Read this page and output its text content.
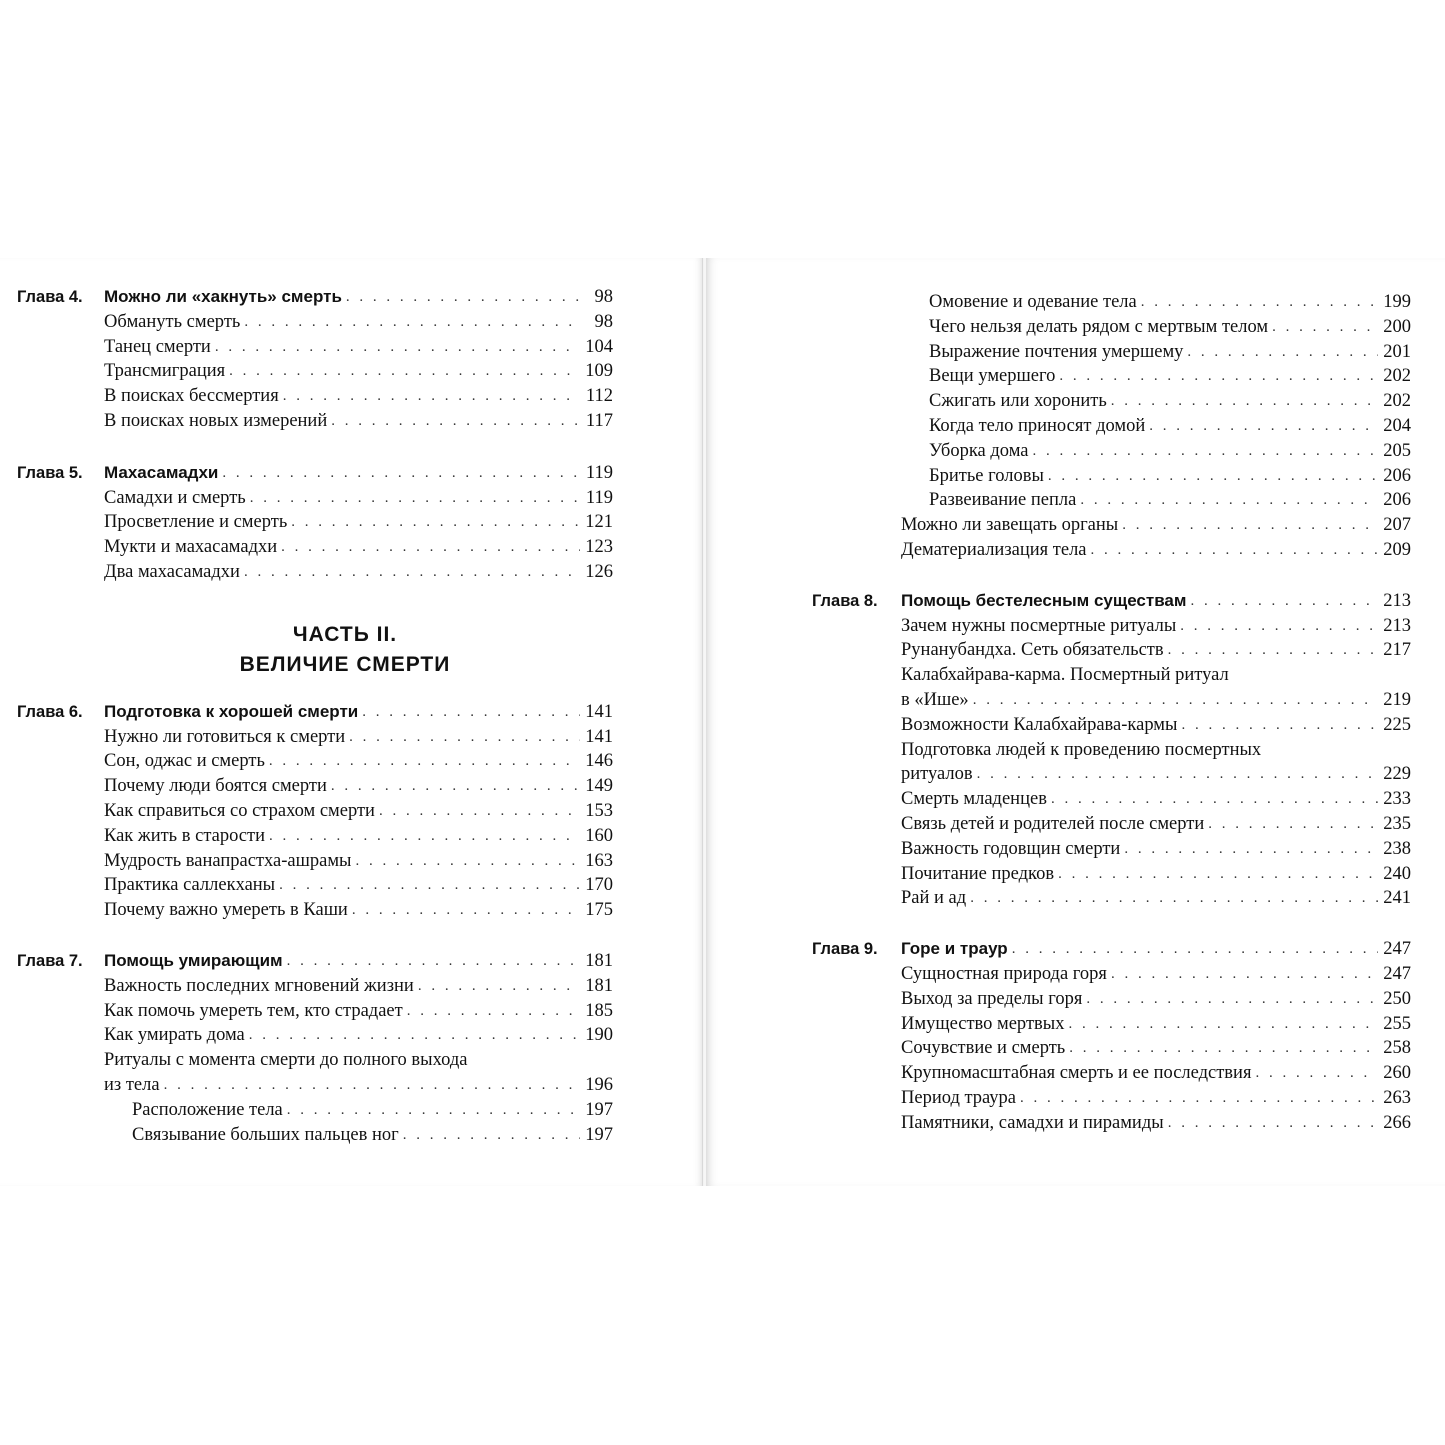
Глава 4. Можно ли «хакнуть» смерть . . .	98
Обмануть смерть . . .	98
Танец смерти . . .	104
Трансмиграция . . .	109
В поисках бессмертия . . .	112
В поисках новых измерений . . .	117
Глава 5. Махасамадхи . . .	119
Самадхи и смерть . . .	119
Просветление и смерть . . .	121
Мукти и махасамадхи . . .	123
Два махасамадхи . . .	126
ЧАСТЬ II.
ВЕЛИЧИЕ СМЕРТИ
Глава 6. Подготовка к хорошей смерти . . .	141
Нужно ли готовиться к смерти . . .	141
Сон, оджас и смерть . . .	146
Почему люди боятся смерти . . .	149
Как справиться со страхом смерти . . .	153
Как жить в старости . . .	160
Мудрость ванапрастха-ашрамы . . .	163
Практика саллекханы . . .	170
Почему важно умереть в Каши . . .	175
Глава 7. Помощь умирающим . . .	181
Важность последних мгновений жизни . . .	181
Как помочь умереть тем, кто страдает . . .	185
Как умирать дома . . .	190
Ритуалы с момента смерти до полного выхода
из тела . . .	196
Расположение тела . . .	197
Связывание больших пальцев ног . . .	197
Омовение и одевание тела . . .	199
Чего нельзя делать рядом с мертвым телом . . .	200
Выражение почтения умершему . . .	201
Вещи умершего . . .	202
Сжигать или хоронить . . .	202
Когда тело приносят домой . . .	204
Уборка дома . . .	205
Бритье головы . . .	206
Развеивание пепла . . .	206
Можно ли завещать органы . . .	207
Дематериализация тела . . .	209
Глава 8. Помощь бестелесным существам . . .	213
Зачем нужны посмертные ритуалы . . .	213
Рунанубандха. Сеть обязательств . . .	217
Калабхайрава-карма. Посмертный ритуал
в «Ише» . . .	219
Возможности Калабхайрава-кармы . . .	225
Подготовка людей к проведению посмертных
ритуалов . . .	229
Смерть младенцев . . .	233
Связь детей и родителей после смерти . . .	235
Важность годовщин смерти . . .	238
Почитание предков . . .	240
Рай и ад . . .	241
Глава 9. Горе и траур . . .	247
Сущностная природа горя . . .	247
Выход за пределы горя . . .	250
Имущество мертвых . . .	255
Сочувствие и смерть . . .	258
Крупномасштабная смерть и ее последствия . . .	260
Период траура . . .	263
Памятники, самадхи и пирамиды . . .	266
